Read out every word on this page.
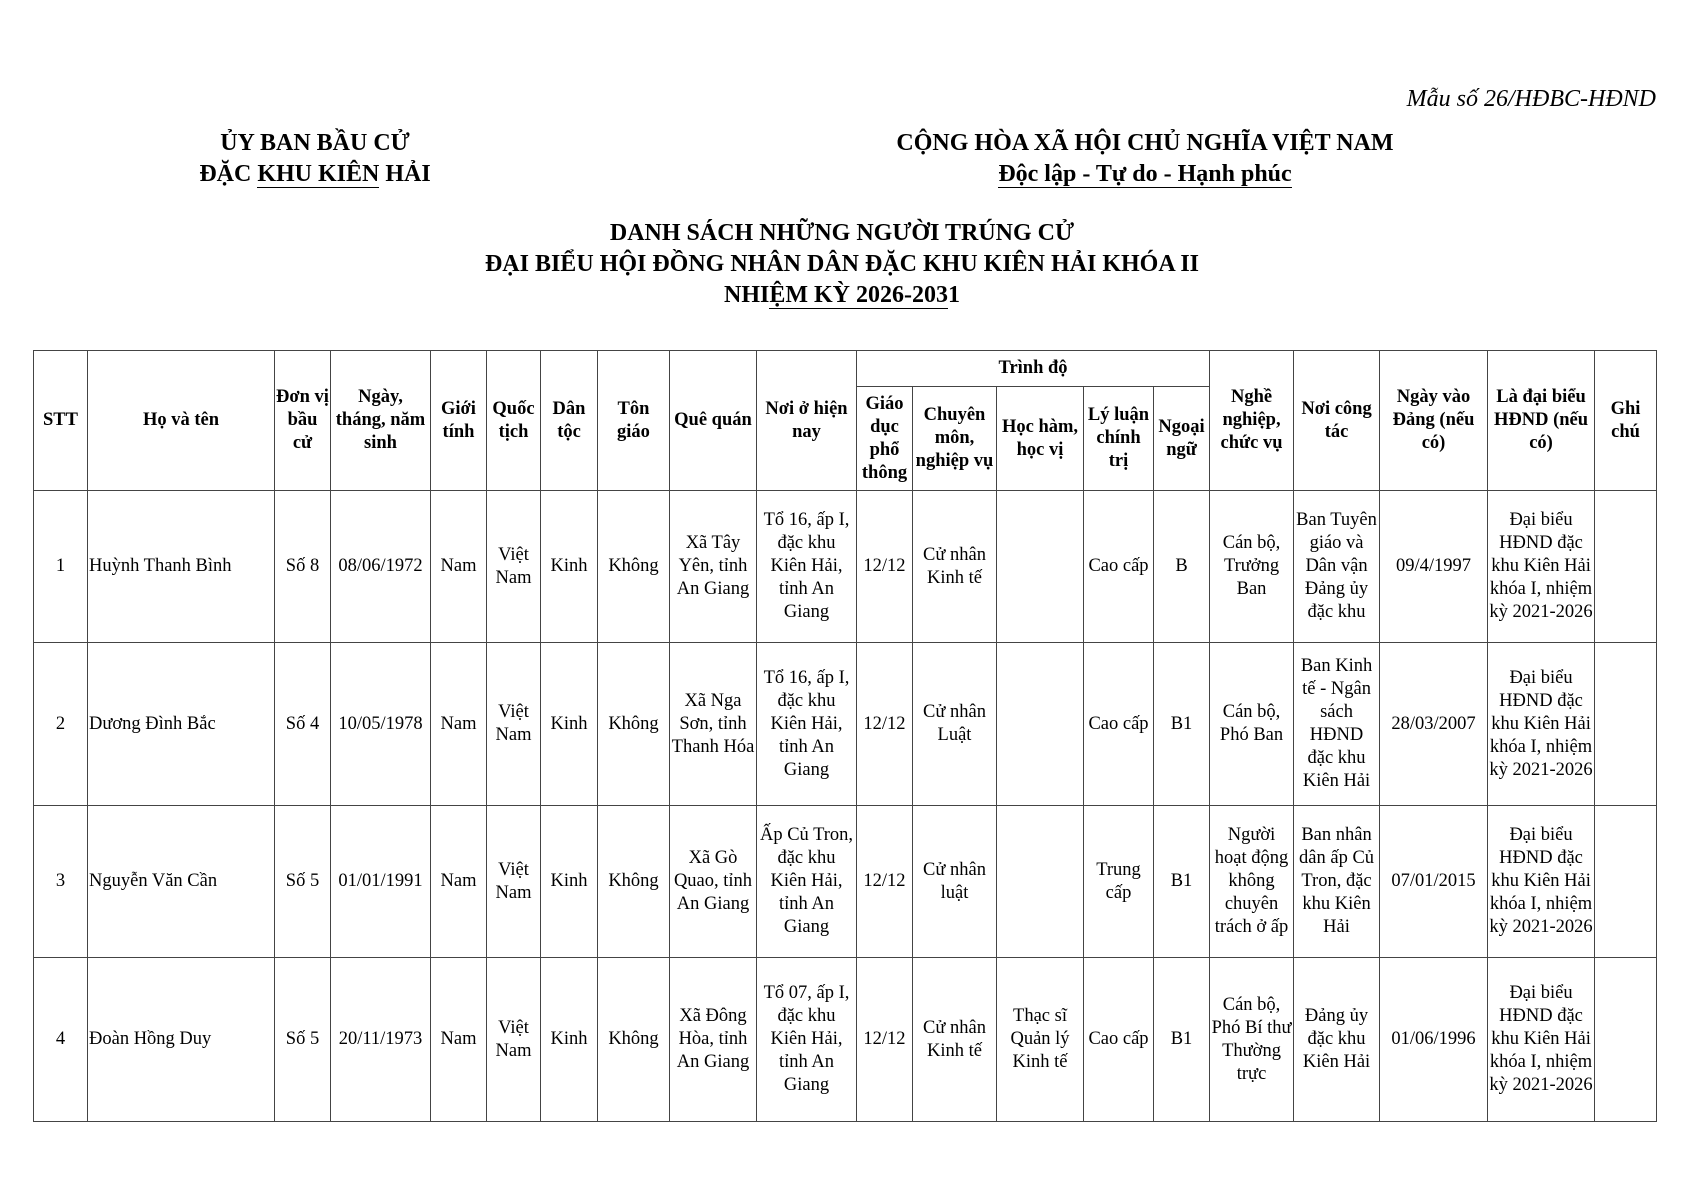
Mẫu số 26/HĐBC-HĐND
ỦY BAN BẦU CỬ
ĐẶC KHU KIÊN HẢI
CỘNG HÒA XÃ HỘI CHỦ NGHĨA VIỆT NAM
Độc lập - Tự do - Hạnh phúc
DANH SÁCH NHỮNG NGƯỜI TRÚNG CỬ
ĐẠI BIỂU HỘI ĐỒNG NHÂN DÂN ĐẶC KHU KIÊN HẢI KHÓA II
NHIỆM KỲ 2026-2031
STT	Họ và tên	Đơn vị bầu cử	Ngày, tháng, năm sinh	Giới tính	Quốc tịch	Dân tộc	Tôn giáo	Quê quán	Nơi ở hiện nay	Trình độ					Nghề nghiệp, chức vụ	Nơi công tác	Ngày vào Đảng (nếu có)	Là đại biểu HĐND (nếu có)	Ghi chú
										Giáo dục phổ thông	Chuyên môn, nghiệp vụ	Học hàm, học vị	Lý luận chính trị	Ngoại ngữ					
1	Huỳnh Thanh Bình	Số 8	08/06/1972	Nam	Việt Nam	Kinh	Không	Xã Tây Yên, tỉnh An Giang	Tổ 16, ấp I, đặc khu Kiên Hải, tỉnh An Giang	12/12	Cử nhân Kinh tế		Cao cấp	B	Cán bộ, Trưởng Ban	Ban Tuyên giáo và Dân vận Đảng ủy đặc khu	09/4/1997	Đại biểu HĐND đặc khu Kiên Hải khóa I, nhiệm kỳ 2021-2026	
2	Dương Đình Bắc	Số 4	10/05/1978	Nam	Việt Nam	Kinh	Không	Xã Nga Sơn, tỉnh Thanh Hóa	Tổ 16, ấp I, đặc khu Kiên Hải, tỉnh An Giang	12/12	Cử nhân Luật		Cao cấp	B1	Cán bộ, Phó Ban	Ban Kinh tế - Ngân sách HĐND đặc khu Kiên Hải	28/03/2007	Đại biểu HĐND đặc khu Kiên Hải khóa I, nhiệm kỳ 2021-2026	
3	Nguyễn Văn Cần	Số 5	01/01/1991	Nam	Việt Nam	Kinh	Không	Xã Gò Quao, tỉnh An Giang	Ấp Củ Tron, đặc khu Kiên Hải, tỉnh An Giang	12/12	Cử nhân luật		Trung cấp	B1	Người hoạt động không chuyên trách ở ấp	Ban nhân dân ấp Củ Tron, đặc khu Kiên Hải	07/01/2015	Đại biểu HĐND đặc khu Kiên Hải khóa I, nhiệm kỳ 2021-2026	
4	Đoàn Hồng Duy	Số 5	20/11/1973	Nam	Việt Nam	Kinh	Không	Xã Đông Hòa, tỉnh An Giang	Tổ 07, ấp I, đặc khu Kiên Hải, tỉnh An Giang	12/12	Cử nhân Kinh tế	Thạc sĩ Quản lý Kinh tế	Cao cấp	B1	Cán bộ, Phó Bí thư Thường trực	Đảng ủy đặc khu Kiên Hải	01/06/1996	Đại biểu HĐND đặc khu Kiên Hải khóa I, nhiệm kỳ 2021-2026	
